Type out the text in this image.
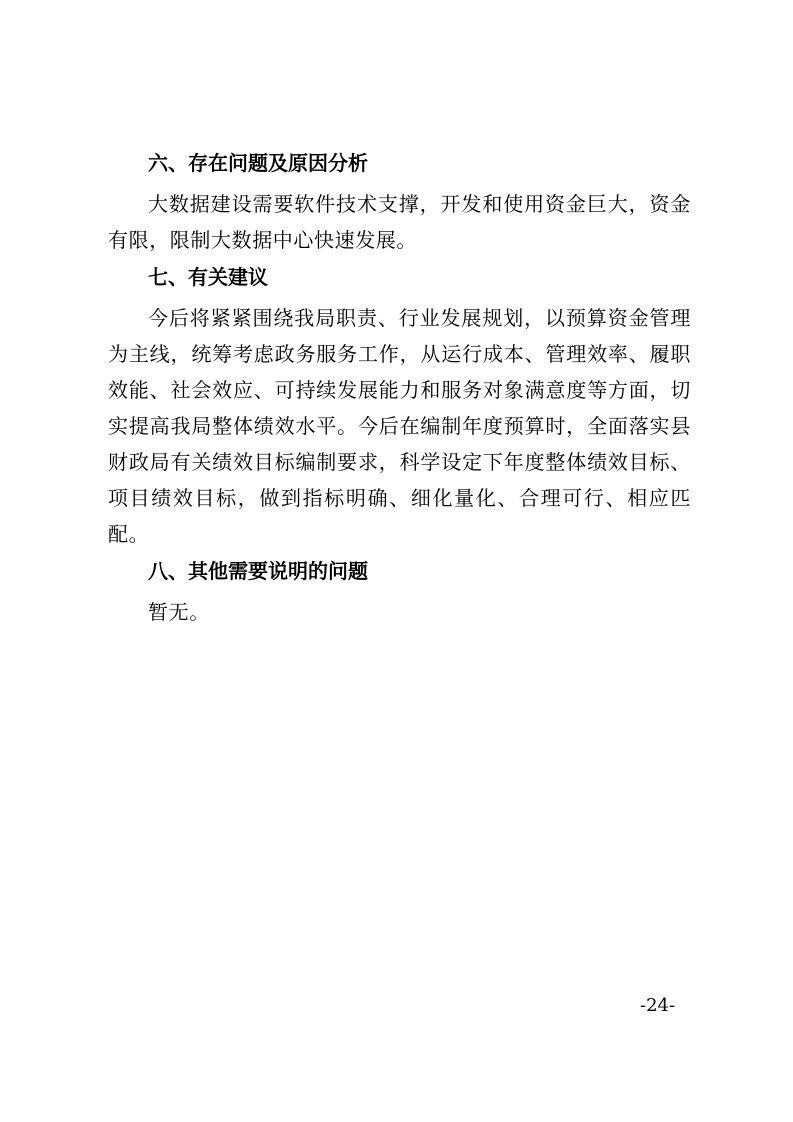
六、存在问题及原因分析

大数据建设需要软件技术支撑，开发和使用资金巨大，资金有限，限制大数据中心快速发展。

七、有关建议

今后将紧紧围绕我局职责、行业发展规划，以预算资金管理为主线，统筹考虑政务服务工作，从运行成本、管理效率、履职效能、社会效应、可持续发展能力和服务对象满意度等方面，切实提高我局整体绩效水平。今后在编制年度预算时，全面落实县财政局有关绩效目标编制要求，科学设定下年度整体绩效目标、项目绩效目标，做到指标明确、细化量化、合理可行、相应匹配。

八、其他需要说明的问题

暂无。

-24-
